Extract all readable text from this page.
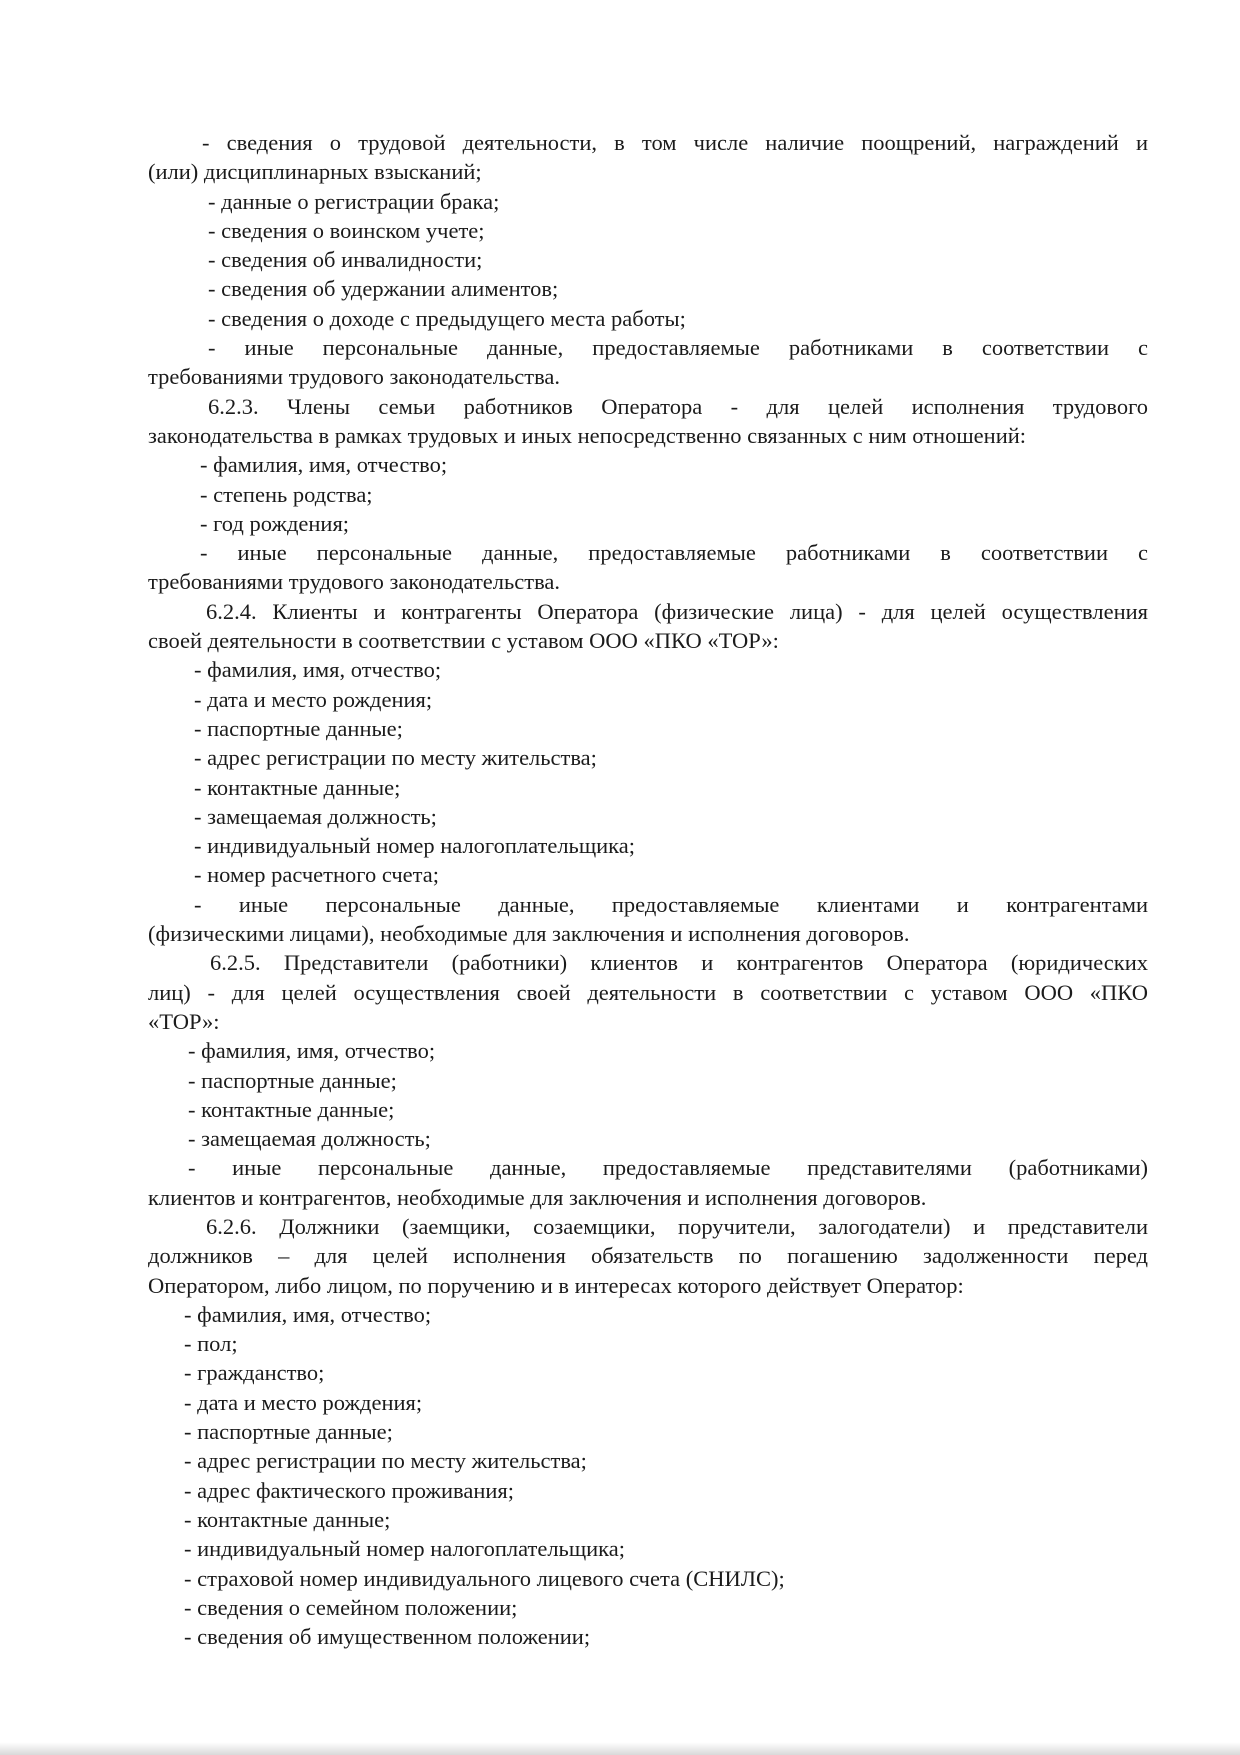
- сведения о трудовой деятельности, в том числе наличие поощрений, награждений и
(или) дисциплинарных взысканий;
- данные о регистрации брака;
- сведения о воинском учете;
- сведения об инвалидности;
- сведения об удержании алиментов;
- сведения о доходе с предыдущего места работы;
- иные персональные данные, предоставляемые работниками в соответствии с
требованиями трудового законодательства.
6.2.3. Члены семьи работников Оператора - для целей исполнения трудового
законодательства в рамках трудовых и иных непосредственно связанных с ним отношений:
- фамилия, имя, отчество;
- степень родства;
- год рождения;
- иные персональные данные, предоставляемые работниками в соответствии с
требованиями трудового законодательства.
6.2.4. Клиенты и контрагенты Оператора (физические лица) - для целей осуществления
своей деятельности в соответствии с уставом ООО «ПКО «ТОР»:
- фамилия, имя, отчество;
- дата и место рождения;
- паспортные данные;
- адрес регистрации по месту жительства;
- контактные данные;
- замещаемая должность;
- индивидуальный номер налогоплательщика;
- номер расчетного счета;
- иные персональные данные, предоставляемые клиентами и контрагентами
(физическими лицами), необходимые для заключения и исполнения договоров.
6.2.5. Представители (работники) клиентов и контрагентов Оператора (юридических
лиц) - для целей осуществления своей деятельности в соответствии с уставом ООО «ПКО
«ТОР»:
- фамилия, имя, отчество;
- паспортные данные;
- контактные данные;
- замещаемая должность;
- иные персональные данные, предоставляемые представителями (работниками)
клиентов и контрагентов, необходимые для заключения и исполнения договоров.
6.2.6. Должники (заемщики, созаемщики, поручители, залогодатели) и представители
должников – для целей исполнения обязательств по погашению задолженности перед
Оператором, либо лицом, по поручению и в интересах которого действует Оператор:
- фамилия, имя, отчество;
- пол;
- гражданство;
- дата и место рождения;
- паспортные данные;
- адрес регистрации по месту жительства;
- адрес фактического проживания;
- контактные данные;
- индивидуальный номер налогоплательщика;
- страховой номер индивидуального лицевого счета (СНИЛС);
- сведения о семейном положении;
- сведения об имущественном положении;
